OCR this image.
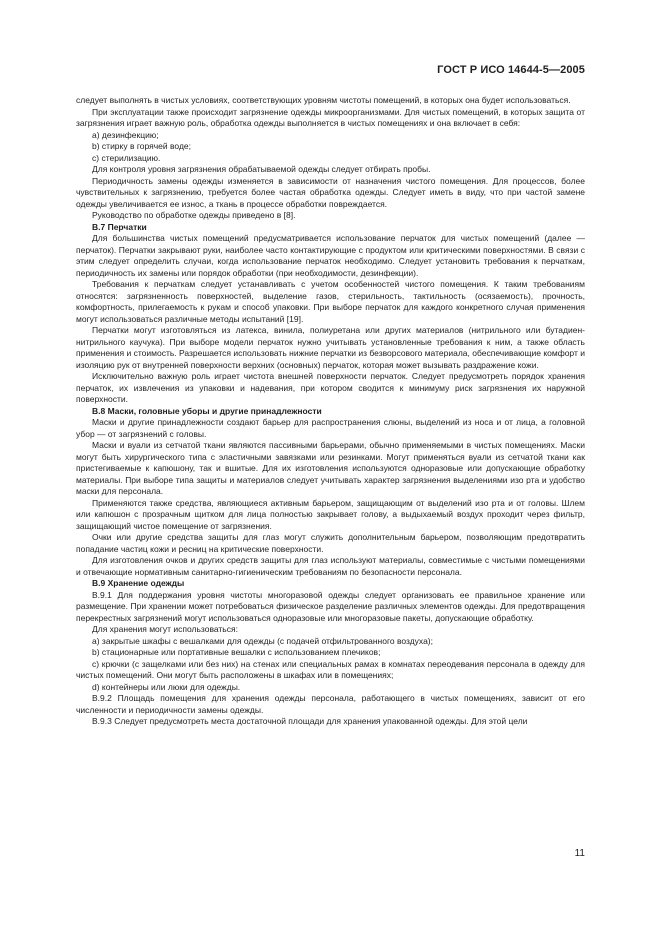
ГОСТ Р ИСО 14644-5—2005

следует выполнять в чистых условиях, соответствующих уровням чистоты помещений, в которых она будет использоваться.

При эксплуатации также происходит загрязнение одежды микроорганизмами. Для чистых помещений, в которых защита от загрязнения играет важную роль, обработка одежды выполняется в чистых помещениях и она включает в себя:

a) дезинфекцию;

b) стирку в горячей воде;

c) стерилизацию.

Для контроля уровня загрязнения обрабатываемой одежды следует отбирать пробы.

Периодичность замены одежды изменяется в зависимости от назначения чистого помещения. Для процессов, более чувствительных к загрязнению, требуется более частая обработка одежды. Следует иметь в виду, что при частой замене одежды увеличивается ее износ, а ткань в процессе обработки повреждается.

Руководство по обработке одежды приведено в [8].

В.7 Перчатки

Для большинства чистых помещений предусматривается использование перчаток для чистых помещений (далее — перчаток). Перчатки закрывают руки, наиболее часто контактирующие с продуктом или критическими поверхностями. В связи с этим следует определить случаи, когда использование перчаток необходимо. Следует установить требования к перчаткам, периодичность их замены или порядок обработки (при необходимости, дезинфекции).

Требования к перчаткам следует устанавливать с учетом особенностей чистого помещения. К таким требованиям относятся: загрязненность поверхностей, выделение газов, стерильность, тактильность (осязаемость), прочность, комфортность, прилегаемость к рукам и способ упаковки. При выборе перчаток для каждого конкретного случая применения могут использоваться различные методы испытаний [19].

Перчатки могут изготовляться из латекса, винила, полиуретана или других материалов (нитрильного или бутадиен-нитрильного каучука). При выборе модели перчаток нужно учитывать установленные требования к ним, а также область применения и стоимость. Разрешается использовать нижние перчатки из безворсового материала, обеспечивающие комфорт и изоляцию рук от внутренней поверхности верхних (основных) перчаток, которая может вызывать раздражение кожи.

Исключительно важную роль играет чистота внешней поверхности перчаток. Следует предусмотреть порядок хранения перчаток, их извлечения из упаковки и надевания, при котором сводится к минимуму риск загрязнения их наружной поверхности.

В.8 Маски, головные уборы и другие принадлежности

Маски и другие принадлежности создают барьер для распространения слюны, выделений из носа и от лица, а головной убор — от загрязнений с головы.

Маски и вуали из сетчатой ткани являются пассивными барьерами, обычно применяемыми в чистых помещениях. Маски могут быть хирургического типа с эластичными завязками или резинками. Могут применяться вуали из сетчатой ткани как пристегиваемые к капюшону, так и вшитые. Для их изготовления используются одноразовые или допускающие обработку материалы. При выборе типа защиты и материалов следует учитывать характер загрязнения выделениями изо рта и удобство маски для персонала.

Применяются также средства, являющиеся активным барьером, защищающим от выделений изо рта и от головы. Шлем или капюшон с прозрачным щитком для лица полностью закрывает голову, а выдыхаемый воздух проходит через фильтр, защищающий чистое помещение от загрязнения.

Очки или другие средства защиты для глаз могут служить дополнительным барьером, позволяющим предотвратить попадание частиц кожи и ресниц на критические поверхности.

Для изготовления очков и других средств защиты для глаз используют материалы, совместимые с чистыми помещениями и отвечающие нормативным санитарно-гигиеническим требованиям по безопасности персонала.

В.9 Хранение одежды

В.9.1 Для поддержания уровня чистоты многоразовой одежды следует организовать ее правильное хранение или размещение. При хранении может потребоваться физическое разделение различных элементов одежды. Для предотвращения перекрестных загрязнений могут использоваться одноразовые или многоразовые пакеты, допускающие обработку.

Для хранения могут использоваться:

a) закрытые шкафы с вешалками для одежды (с подачей отфильтрованного воздуха);

b) стационарные или портативные вешалки с использованием плечиков;

c) крючки (с защелками или без них) на стенах или специальных рамах в комнатах переодевания персонала в одежду для чистых помещений. Они могут быть расположены в шкафах или в помещениях;

d) контейнеры или люки для одежды.

В.9.2 Площадь помещения для хранения одежды персонала, работающего в чистых помещениях, зависит от его численности и периодичности замены одежды.

В.9.3 Следует предусмотреть места достаточной площади для хранения упакованной одежды. Для этой цели

11
